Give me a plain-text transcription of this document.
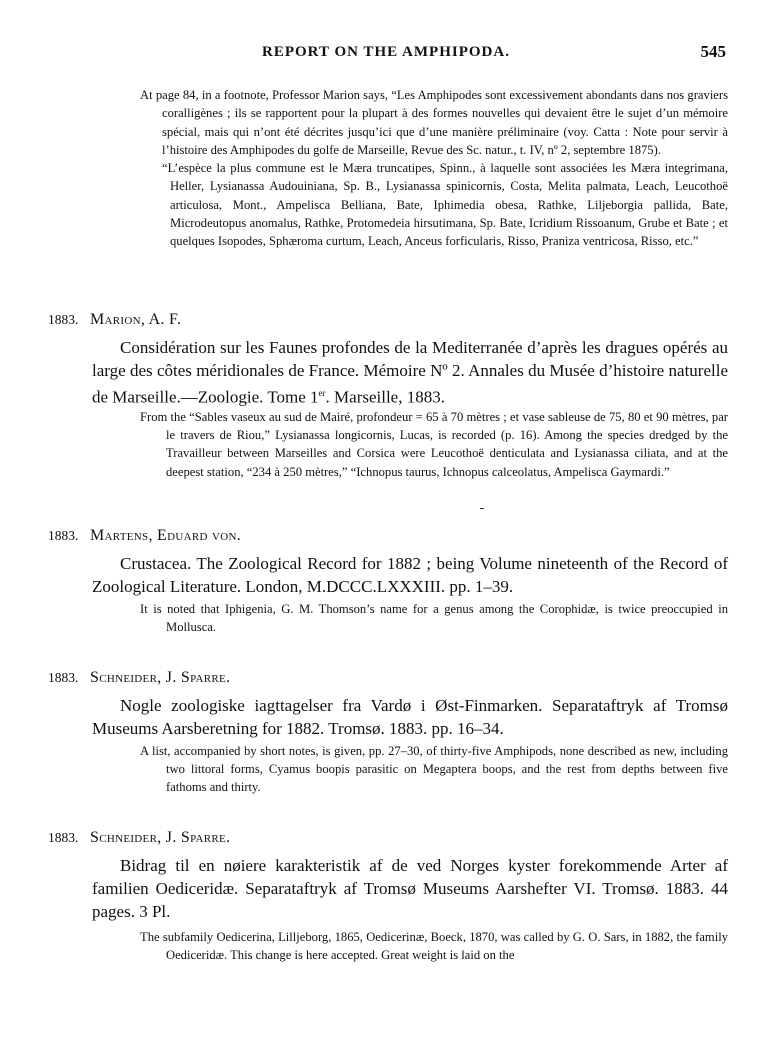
REPORT ON THE AMPHIPODA.	545

At page 84, in a footnote, Professor Marion says, “Les Amphipodes sont excessivement abondants dans nos graviers coralligènes ; ils se rapportent pour la plupart à des formes nouvelles qui devaient être le sujet d’un mémoire spécial, mais qui n’ont été décrites jusqu’ici que d’une manière préliminaire (voy. Catta : Note pour servir à l’histoire des Amphipodes du golfe de Marseille, Revue des Sc. natur., t. IV, nº 2, septembre 1875).

“L’espèce la plus commune est le Mæra truncatipes, Spinn., à laquelle sont associées les Mæra integrimana, Heller, Lysianassa Audouiniana, Sp. B., Lysianassa spinicornis, Costa, Melita palmata, Leach, Leucothoë articulosa, Mont., Ampelisca Belliana, Bate, Iphimedia obesa, Rathke, Liljeborgia pallida, Bate, Microdeutopus anomalus, Rathke, Protomedeia hirsutimana, Sp. Bate, Icridium Rissoanum, Grube et Bate ; et quelques Isopodes, Sphæroma curtum, Leach, Anceus forficularis, Risso, Praniza ventricosa, Risso, etc.”

1883. Marion, A. F.
Considération sur les Faunes profondes de la Mediterranée d’après les dragues opérés au large des côtes méridionales de France. Mémoire Nº 2. Annales du Musée d’histoire naturelle de Marseille.—Zoologie. Tome 1er. Marseille, 1883.
From the “Sables vaseux au sud de Mairé, profondeur = 65 à 70 mètres ; et vase sableuse de 75, 80 et 90 mètres, par le travers de Riou,” Lysianassa longicornis, Lucas, is recorded (p. 16). Among the species dredged by the Travailleur between Marseilles and Corsica were Leucothoë denticulata and Lysianassa ciliata, and at the deepest station, “234 à 250 mètres,” “Ichnopus taurus, Ichnopus calceolatus, Ampelisca Gaymardi.”
1883. Martens, Eduard von.
Crustacea. The Zoological Record for 1882 ; being Volume nineteenth of the Record of Zoological Literature. London, M.DCCC.LXXXIII. pp. 1–39.
It is noted that Iphigenia, G. M. Thomson’s name for a genus among the Corophidæ, is twice preoccupied in Mollusca.
1883. Schneider, J. Sparre.
Nogle zoologiske iagttagelser fra Vardø i Øst-Finmarken. Separataftryk af Tromsø Museums Aarsberetning for 1882. Tromsø. 1883. pp. 16–34.
A list, accompanied by short notes, is given, pp. 27–30, of thirty-five Amphipods, none described as new, including two littoral forms, Cyamus boopis parasitic on Megaptera boops, and the rest from depths between five fathoms and thirty.
1883. Schneider, J. Sparre.
Bidrag til en nøiere karakteristik af de ved Norges kyster forekommende Arter af familien Oediceridæ. Separataftryk af Tromsø Museums Aarshefter VI. Tromsø. 1883. 44 pages. 3 Pl.
The subfamily Oedicerina, Lilljeborg, 1865, Oedicerinæ, Boeck, 1870, was called by G. O. Sars, in 1882, the family Oediceridæ. This change is here accepted. Great weight is laid on the
